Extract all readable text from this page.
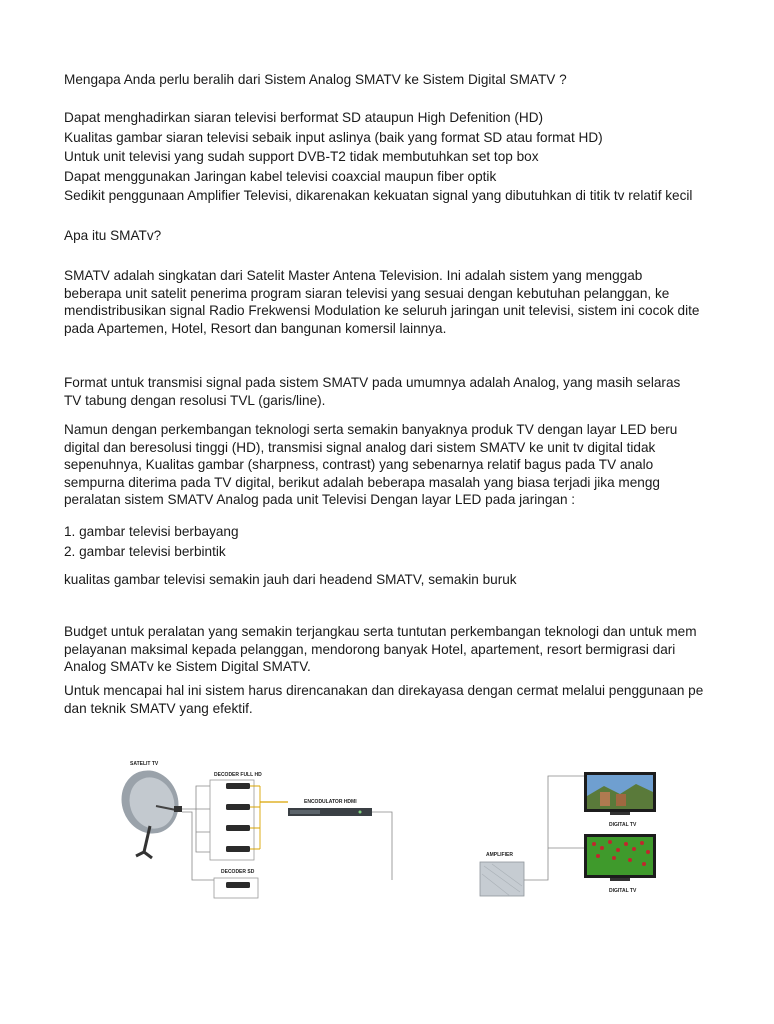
Mengapa Anda perlu beralih dari Sistem Analog SMATV ke Sistem Digital SMATV ?
Dapat menghadirkan siaran televisi berformat SD ataupun High Defenition (HD)
Kualitas gambar siaran televisi sebaik input aslinya (baik yang format SD atau format HD)
Untuk unit televisi yang sudah support DVB-T2 tidak membutuhkan set top box
Dapat menggunakan Jaringan kabel televisi coaxcial maupun fiber optik
Sedikit penggunaan Amplifier Televisi, dikarenakan kekuatan signal yang dibutuhkan di titik tv relatif kecil
Apa itu SMATv?
SMATV adalah singkatan dari Satelit Master Antena Television. Ini adalah sistem yang menggab
beberapa unit satelit penerima program siaran televisi yang sesuai dengan kebutuhan pelanggan, ke
mendistribusikan signal Radio Frekwensi Modulation ke seluruh jaringan unit televisi, sistem ini cocok dite
pada Apartemen, Hotel, Resort dan bangunan komersil lainnya.
Format untuk transmisi signal pada sistem SMATV pada umumnya adalah Analog, yang masih selaras
TV tabung dengan resolusi TVL (garis/line).
Namun dengan perkembangan teknologi serta semakin banyaknya produk TV dengan layar LED beru
digital dan beresolusi tinggi (HD), transmisi signal analog dari sistem SMATV ke unit tv digital tidak
sepenuhnya, Kualitas gambar (sharpness, contrast) yang sebenarnya relatif bagus pada TV analo
sempurna diterima pada TV digital, berikut adalah beberapa masalah yang biasa terjadi jika mengg
peralatan sistem SMATV Analog pada unit Televisi Dengan layar LED pada jaringan :
1. gambar televisi berbayang
2. gambar televisi berbintik
kualitas gambar televisi semakin jauh dari headend SMATV, semakin buruk
Budget untuk peralatan yang semakin terjangkau serta tuntutan perkembangan teknologi dan untuk mem
pelayanan maksimal kepada pelanggan, mendorong banyak Hotel, apartement, resort bermigrasi dari
Analog SMATv ke Sistem Digital SMATV.
Untuk mencapai hal ini sistem harus direncanakan dan direkayasa dengan cermat melalui penggunaan pe
dan teknik SMATV yang efektif.
SATELIT TV
DECODER FULL HD
DECODER SD
ENCODULATOR HDMI
AMPLIFIER
DIGITAL TV
DIGITAL TV
